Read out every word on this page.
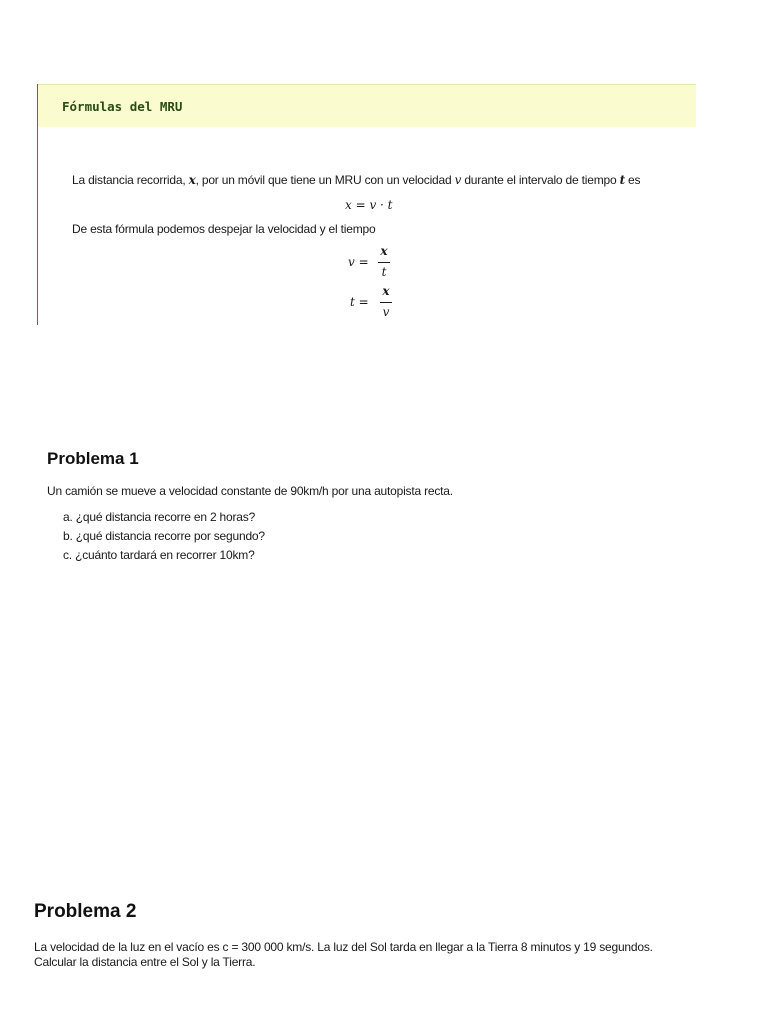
Fórmulas del MRU
La distancia recorrida, x, por un móvil que tiene un MRU con un velocidad v durante el intervalo de tiempo t es
x = v · t
De esta fórmula podemos despejar la velocidad y el tiempo
v =
x
t
t =
x
v
Problema 1
Un camión se mueve a velocidad constante de 90km/h por una autopista recta.
a. ¿qué distancia recorre en 2 horas?
b. ¿qué distancia recorre por segundo?
c. ¿cuánto tardará en recorrer 10km?
Problema 2
La velocidad de la luz en el vacío es c = 300 000 km/s. La luz del Sol tarda en llegar a la Tierra 8 minutos y 19 segundos. Calcular la distancia entre el Sol y la Tierra.
